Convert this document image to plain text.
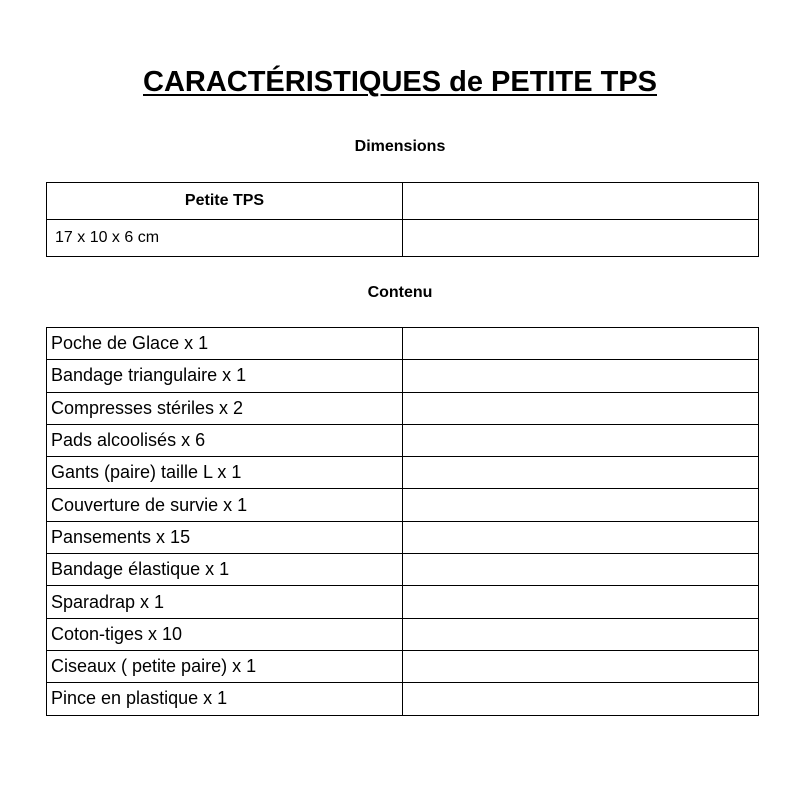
CARACTÉRISTIQUES de PETITE TPS
Dimensions
Petite TPS	
17 x 10 x 6 cm	
Contenu
Poche de Glace x 1	
Bandage triangulaire x 1	
Compresses stériles x 2	
Pads alcoolisés x 6	
Gants (paire) taille L x 1	
Couverture de survie x 1	
Pansements x 15	
Bandage élastique x 1	
Sparadrap x 1	
Coton-tiges x 10	
Ciseaux ( petite paire) x 1	
Pince en plastique x 1	
